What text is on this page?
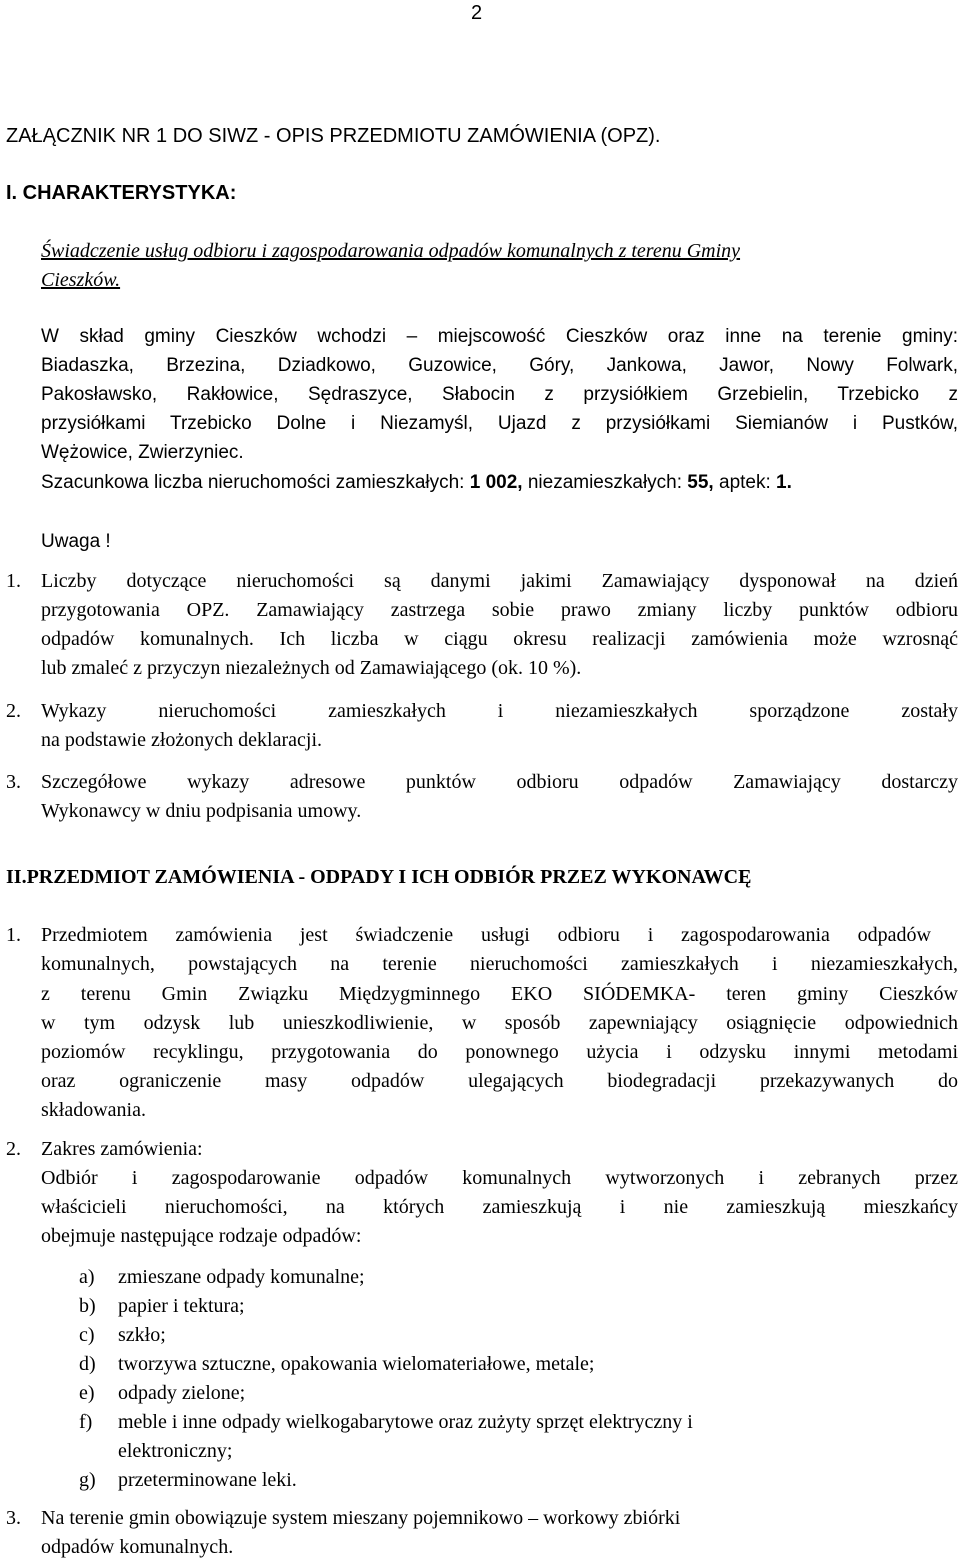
2
ZAŁĄCZNIK NR 1 DO SIWZ - OPIS PRZEDMIOTU ZAMÓWIENIA (OPZ).
I. CHARAKTERYSTYKA:
Świadczenie usług odbioru i zagospodarowania odpadów komunalnych z terenu Gminy
Cieszków.
W skład gminy Cieszków wchodzi – miejscowość Cieszków oraz inne na terenie gminy:
Biadaszka, Brzezina, Dziadkowo, Guzowice, Góry, Jankowa, Jawor, Nowy Folwark,
Pakosławsko, Rakłowice, Sędraszyce, Słabocin z przysiółkiem Grzebielin, Trzebicko z
przysiółkami Trzebicko Dolne i Niezamyśl, Ujazd z przysiółkami Siemianów i Pustków,
Wężowice, Zwierzyniec.
Szacunkowa liczba nieruchomości zamieszkałych: 1 002, niezamieszkałych: 55, aptek: 1.
Uwaga !
1. Liczby dotyczące nieruchomości są danymi jakimi Zamawiający dysponował na dzień
przygotowania OPZ. Zamawiający zastrzega sobie prawo zmiany liczby punktów odbioru
odpadów komunalnych. Ich liczba w ciągu okresu realizacji zamówienia może wzrosnąć
lub zmaleć z przyczyn niezależnych od Zamawiającego (ok. 10 %).
2. Wykazy nieruchomości zamieszkałych i niezamieszkałych sporządzone zostały
na podstawie złożonych deklaracji.
3. Szczegółowe wykazy adresowe punktów odbioru odpadów Zamawiający dostarczy
Wykonawcy w dniu podpisania umowy.
II.PRZEDMIOT ZAMÓWIENIA - ODPADY I ICH ODBIÓR PRZEZ WYKONAWCĘ
1. Przedmiotem zamówienia jest świadczenie usługi odbioru i zagospodarowania odpadów
komunalnych, powstających na terenie nieruchomości zamieszkałych i niezamieszkałych,
z terenu Gmin Związku Międzygminnego EKO SIÓDEMKA- teren gminy Cieszków
w tym odzysk lub unieszkodliwienie, w sposób zapewniający osiągnięcie odpowiednich
poziomów recyklingu, przygotowania do ponownego użycia i odzysku innymi metodami
oraz ograniczenie masy odpadów ulegających biodegradacji przekazywanych do
składowania.
2. Zakres zamówienia:
Odbiór i zagospodarowanie odpadów komunalnych wytworzonych i zebranych przez
właścicieli nieruchomości, na których zamieszkują i nie zamieszkują mieszkańcy
obejmuje następujące rodzaje odpadów:
a) zmieszane odpady komunalne;
b) papier i tektura;
c) szkło;
d) tworzywa sztuczne, opakowania wielomateriałowe, metale;
e) odpady zielone;
f) meble i inne odpady wielkogabarytowe oraz zużyty sprzęt elektryczny i
elektroniczny;
g) przeterminowane leki.
3. Na terenie gmin obowiązuje system mieszany pojemnikowo – workowy zbiórki
odpadów komunalnych.
